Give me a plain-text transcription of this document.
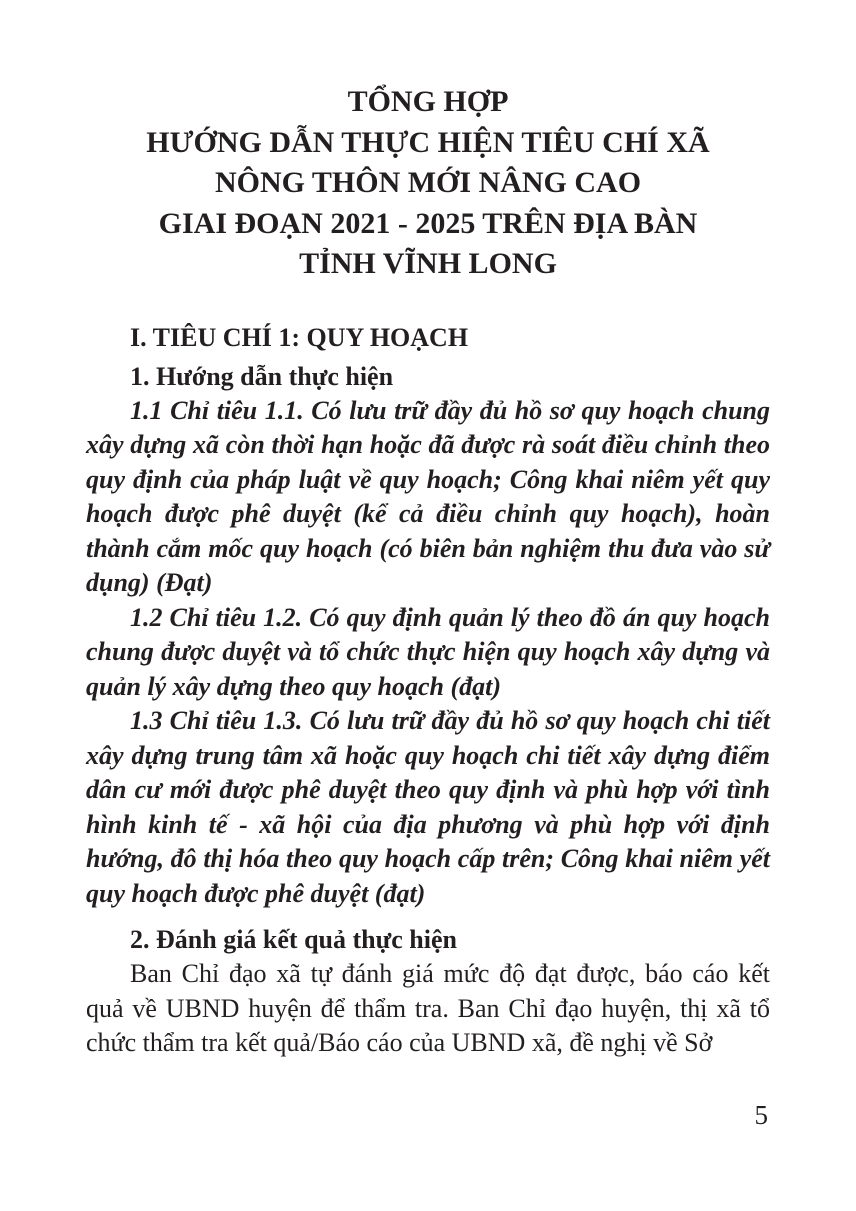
TỔNG HỢP
HƯỚNG DẪN THỰC HIỆN TIÊU CHÍ XÃ
NÔNG THÔN MỚI NÂNG CAO
GIAI ĐOẠN 2021 - 2025 TRÊN ĐỊA BÀN
TỈNH VĨNH LONG
I. TIÊU CHÍ 1: QUY HOẠCH
1. Hướng dẫn thực hiện

1.1 Chỉ tiêu 1.1. Có lưu trữ đầy đủ hồ sơ quy hoạch chung xây dựng xã còn thời hạn hoặc đã được rà soát điều chỉnh theo quy định của pháp luật về quy hoạch; Công khai niêm yết quy hoạch được phê duyệt (kể cả điều chỉnh quy hoạch), hoàn thành cắm mốc quy hoạch (có biên bản nghiệm thu đưa vào sử dụng) (Đạt)

1.2 Chỉ tiêu 1.2. Có quy định quản lý theo đồ án quy hoạch chung được duyệt và tổ chức thực hiện quy hoạch xây dựng và quản lý xây dựng theo quy hoạch (đạt)

1.3 Chỉ tiêu 1.3. Có lưu trữ đầy đủ hồ sơ quy hoạch chi tiết xây dựng trung tâm xã hoặc quy hoạch chi tiết xây dựng điểm dân cư mới được phê duyệt theo quy định và phù hợp với tình hình kinh tế - xã hội của địa phương và phù hợp với định hướng, đô thị hóa theo quy hoạch cấp trên; Công khai niêm yết quy hoạch được phê duyệt (đạt)

2. Đánh giá kết quả thực hiện

Ban Chỉ đạo xã tự đánh giá mức độ đạt được, báo cáo kết quả về UBND huyện để thẩm tra. Ban Chỉ đạo huyện, thị xã tổ chức thẩm tra kết quả/Báo cáo của UBND xã, đề nghị về Sở

5
